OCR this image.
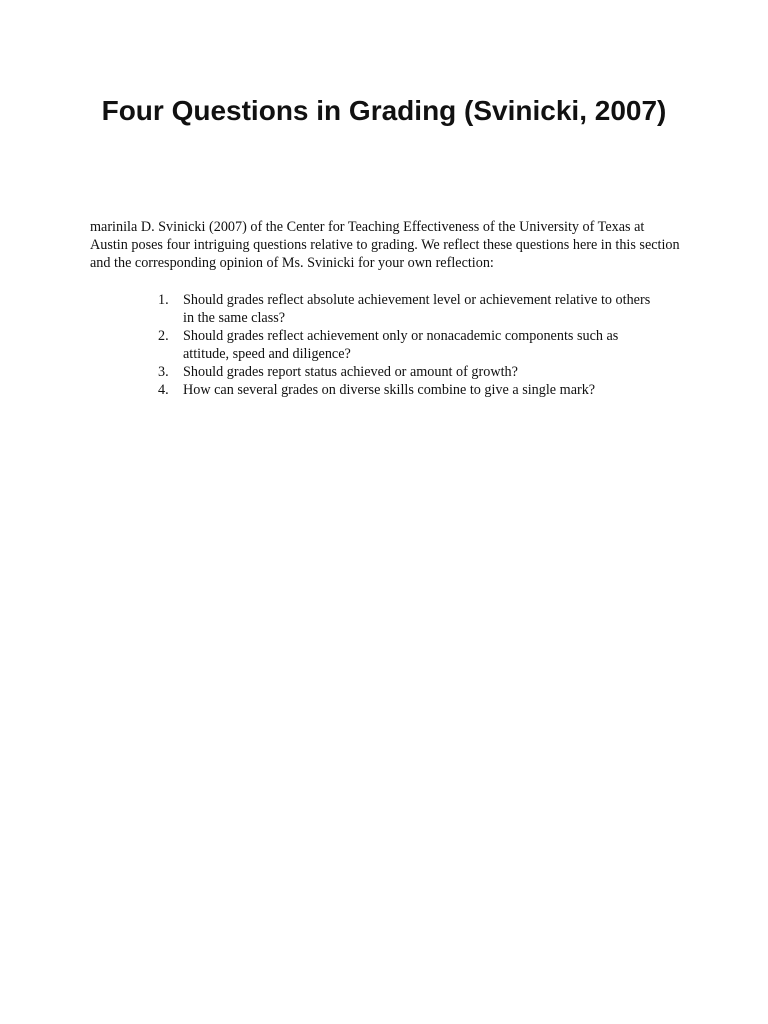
Four Questions in Grading (Svinicki, 2007)

marinila D. Svinicki (2007) of the Center for Teaching Effectiveness of the University of Texas at Austin poses four intriguing questions relative to grading. We reflect these questions here in this section and the corresponding opinion of Ms. Svinicki for your own reflection:

1.	Should grades reflect absolute achievement level or achievement relative to others in the same class?
2.	Should grades reflect achievement only or nonacademic components such as attitude, speed and diligence?
3.	Should grades report status achieved or amount of growth?
4.	How can several grades on diverse skills combine to give a single mark?
